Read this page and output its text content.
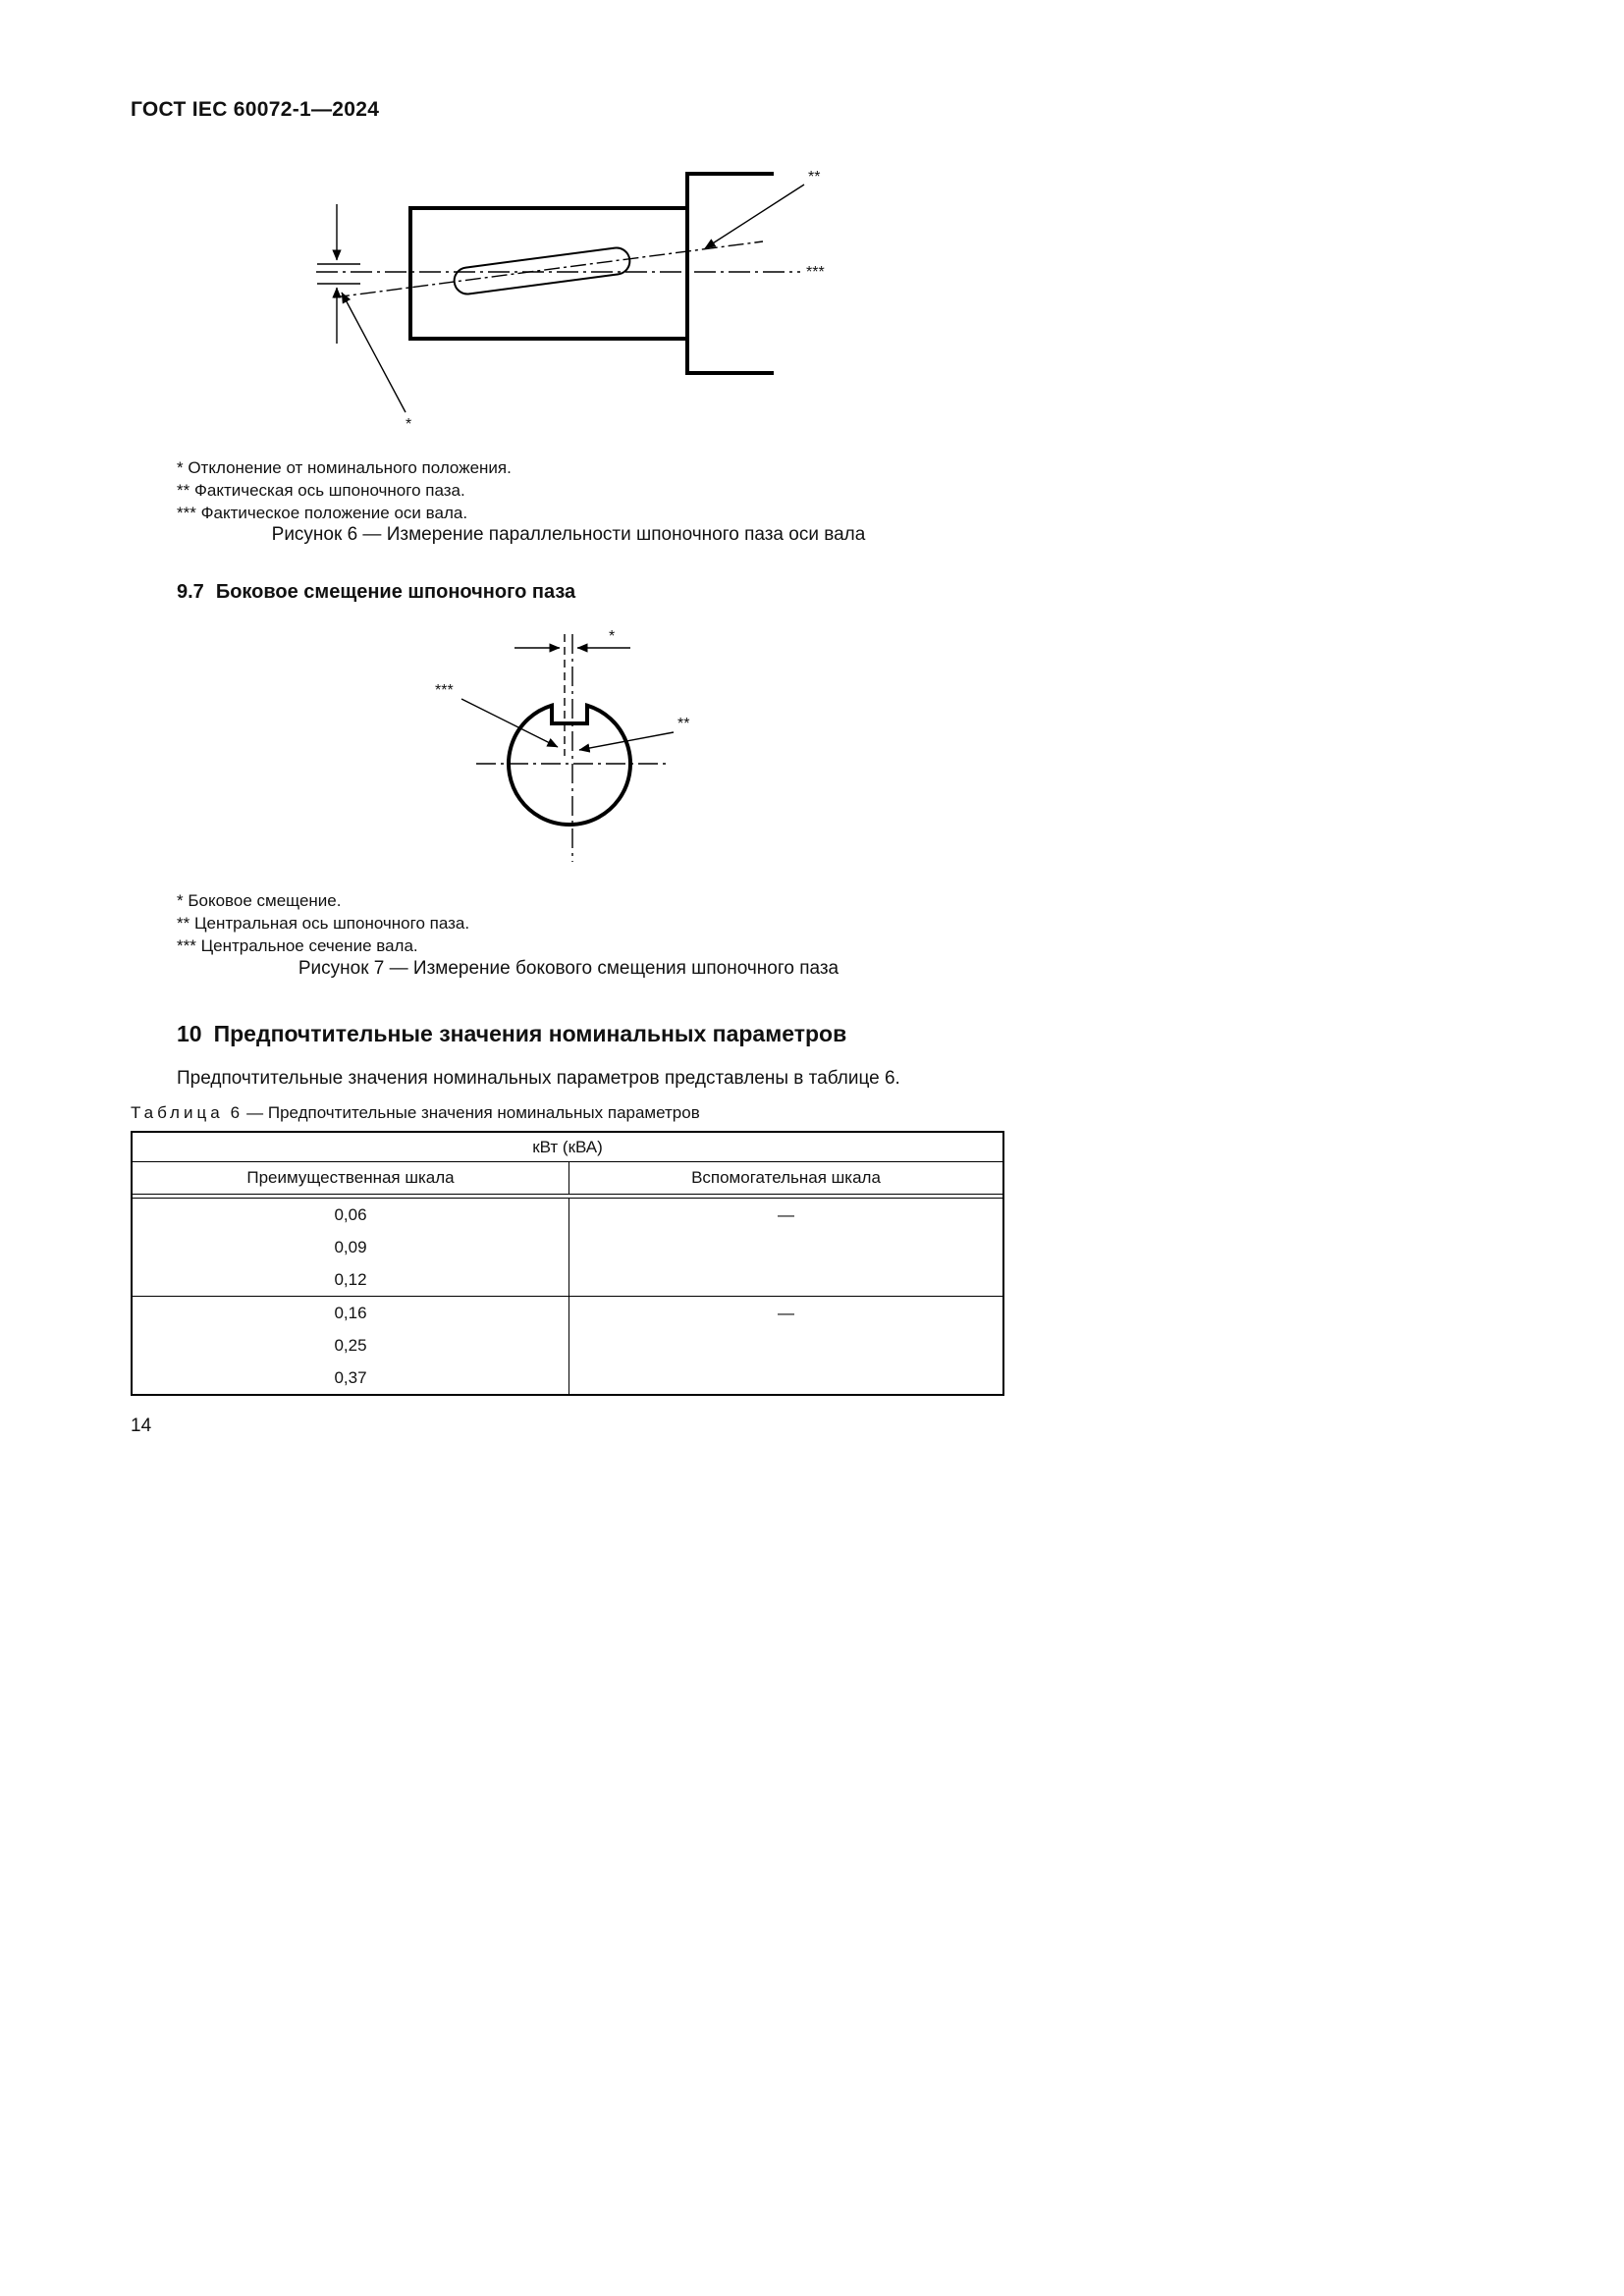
ГОСТ IEC 60072-1—2024
**
***
*
* Отклонение от номинального положения.
** Фактическая ось шпоночного паза.
*** Фактическое положение оси вала.
Рисунок 6 — Измерение параллельности шпоночного паза оси вала
9.7 Боковое смещение шпоночного паза
*
***
**
* Боковое смещение.
** Центральная ось шпоночного паза.
*** Центральное сечение вала.
Рисунок 7 — Измерение бокового смещения шпоночного паза
10 Предпочтительные значения номинальных параметров
Предпочтительные значения номинальных параметров представлены в таблице 6.
Таблица 6 — Предпочтительные значения номинальных параметров
кВт (кВА)
Преимущественная шкала	Вспомогательная шкала
0,06
0,09
0,12
—
0,16
0,25
0,37
—
14
